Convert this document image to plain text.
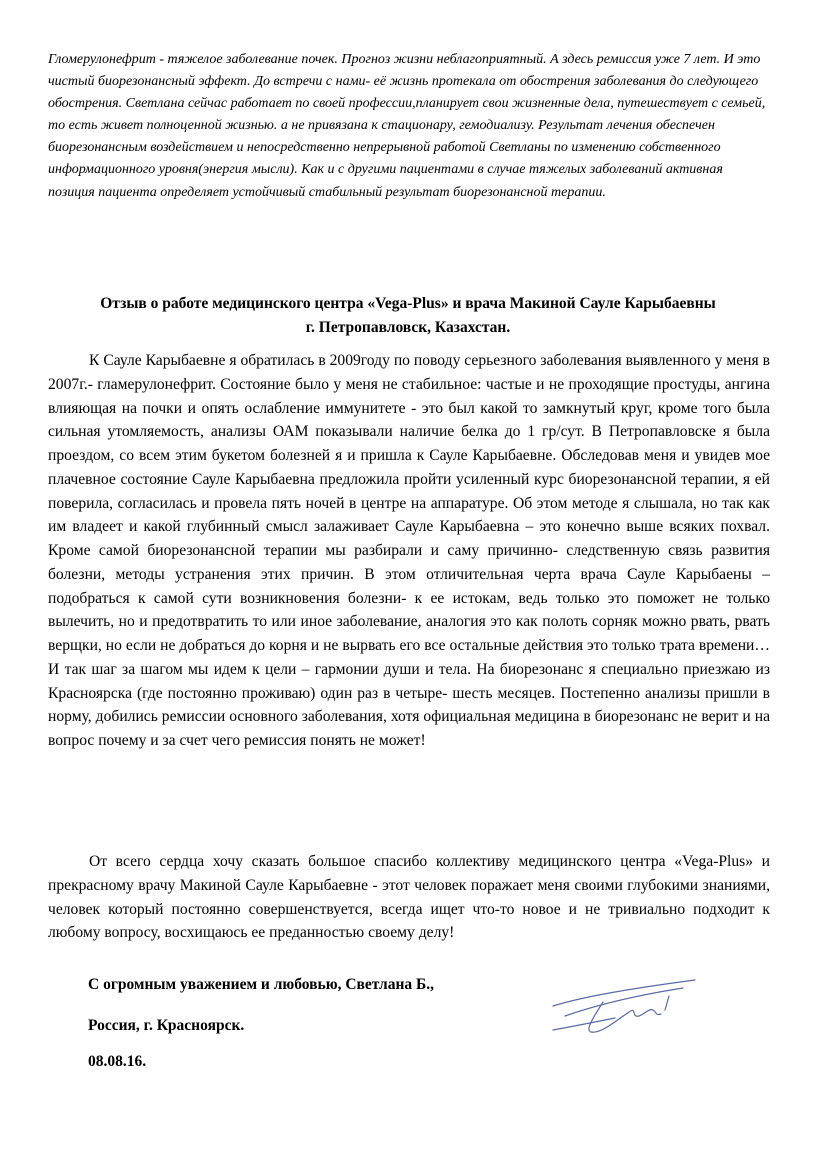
Гломерулонефрит - тяжелое заболевание почек. Прогноз жизни неблагоприятный. А здесь ремиссия уже 7 лет. И это чистый биорезонансный эффект. До встречи с нами- её жизнь протекала от обострения заболевания до следующего обострения. Светлана сейчас работает по своей профессии,планирует свои жизненные дела, путешествует с семьей, то есть живет полноценной жизнью. а не привязана к стационару, гемодиализу. Результат лечения обеспечен биорезонансным воздействием и непосредственно непрерывной работой Светланы по изменению собственного информационного уровня(энергия мысли). Как и с другими пациентами в случае тяжелых заболеваний активная позиция пациента определяет устойчивый стабильный результат биорезонансной терапии.

Отзыв о работе медицинского центра «Vega-Plus» и врача Макиной Сауле Карыбаевны
г. Петропавловск, Казахстан.

К Сауле Карыбаевне я обратилась в 2009году по поводу серьезного заболевания выявленного у меня в 2007г.- гламерулонефрит. Состояние было у меня не стабильное: частые и не проходящие простуды, ангина влияющая на почки и опять ослабление иммунитете - это был какой то замкнутый круг, кроме того была сильная утомляемость, анализы ОАМ показывали наличие белка до 1 гр/сут. В Петропавловске я была проездом, со всем этим букетом болезней я и пришла к Сауле Карыбаевне. Обследовав меня и увидев мое плачевное состояние Сауле Карыбаевна предложила пройти усиленный курс биорезонансной терапии, я ей поверила, согласилась и провела пять ночей в центре на аппаратуре. Об этом методе я слышала, но так как им владеет и какой глубинный смысл залаживает Сауле Карыбаевна – это конечно выше всяких похвал. Кроме самой биорезонансной терапии мы разбирали и саму причинно- следственную связь развития болезни, методы устранения этих причин. В этом отличительная черта врача Сауле Карыбаены –подобраться к самой сути возникновения болезни- к ее истокам, ведь только это поможет не только вылечить, но и предотвратить то или иное заболевание, аналогия это как полоть сорняк можно рвать, рвать верщки, но если не добраться до корня и не вырвать его все остальные действия это только трата времени…И так шаг за шагом мы идем к цели – гармонии души и тела. На биорезонанс я специально приезжаю из Красноярска (где постоянно проживаю) один раз в четыре- шесть месяцев. Постепенно анализы пришли в норму, добились ремиссии основного заболевания, хотя официальная медицина в биорезонанс не верит и на вопрос почему и за счет чего ремиссия понять не может!

От всего сердца хочу сказать большое спасибо коллективу медицинского центра «Vega-Plus» и прекрасному врачу Макиной Сауле Карыбаевне - этот человек поражает меня своими глубокими знаниями, человек который постоянно совершенствуется, всегда ищет что-то новое и не тривиально подходит к любому вопросу, восхищаюсь ее преданностью своему делу!

С огромным уважением и любовью, Светлана Б.,

Россия, г. Красноярск.

08.08.16.
